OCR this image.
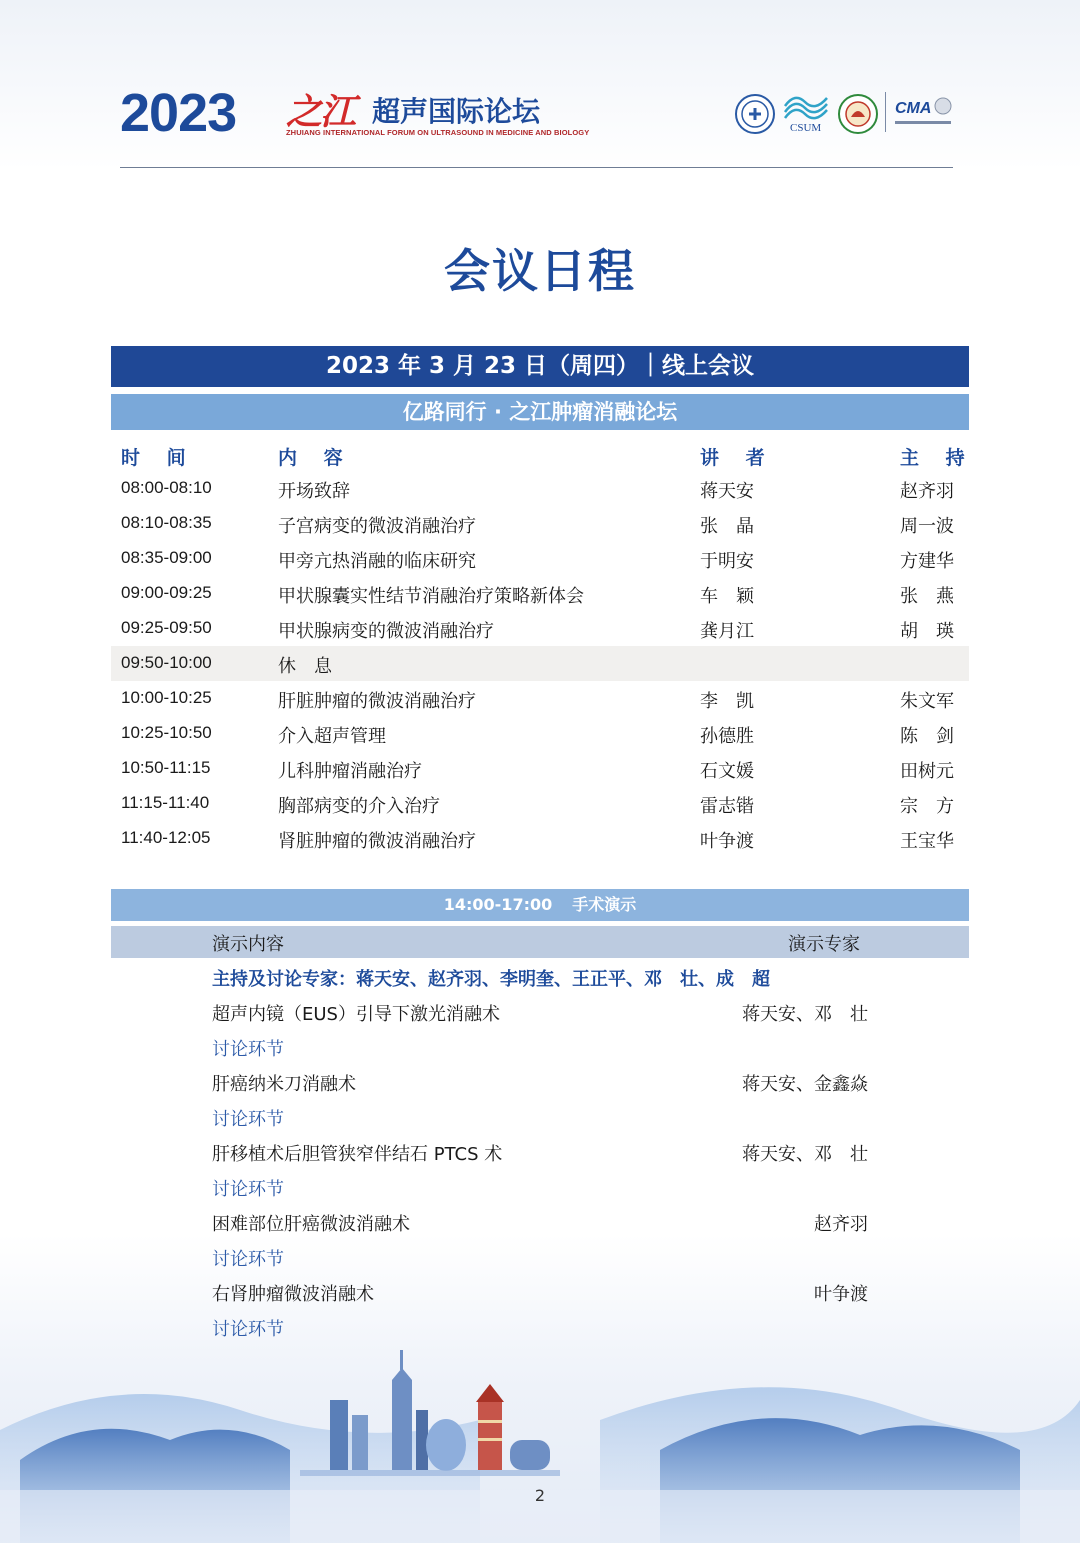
2023 之江 超声国际论坛
ZHUIANG INTERNATIONAL FORUM ON ULTRASOUND IN MEDICINE AND BIOLOGY	CSUM
CMA
会议日程
2023 年 3 月 23 日（周四）｜线上会议
亿路同行 · 之江肿瘤消融论坛
时 间	内 容	讲 者	主 持
08:00-08:10	开场致辞	蒋天安	赵齐羽
08:10-08:35	子宫病变的微波消融治疗	张　晶	周一波
08:35-09:00	甲旁亢热消融的临床研究	于明安	方建华
09:00-09:25	甲状腺囊实性结节消融治疗策略新体会	车　颖	张　燕
09:25-09:50	甲状腺病变的微波消融治疗	龚月江	胡　瑛
09:50-10:00	休　息
10:00-10:25	肝脏肿瘤的微波消融治疗	李　凯	朱文军
10:25-10:50	介入超声管理	孙德胜	陈　剑
10:50-11:15	儿科肿瘤消融治疗	石文媛	田树元
11:15-11:40	胸部病变的介入治疗	雷志锴	宗　方
11:40-12:05	肾脏肿瘤的微波消融治疗	叶争渡	王宝华
14:00-17:00 手术演示
演示内容	演示专家
主持及讨论专家：蒋天安、赵齐羽、李明奎、王正平、邓　壮、成　超
超声内镜（EUS）引导下激光消融术	蒋天安、邓　壮
讨论环节
肝癌纳米刀消融术	蒋天安、金鑫焱
讨论环节
肝移植术后胆管狭窄伴结石 PTCS 术	蒋天安、邓　壮
讨论环节
困难部位肝癌微波消融术	赵齐羽
讨论环节
右肾肿瘤微波消融术	叶争渡
讨论环节
2
